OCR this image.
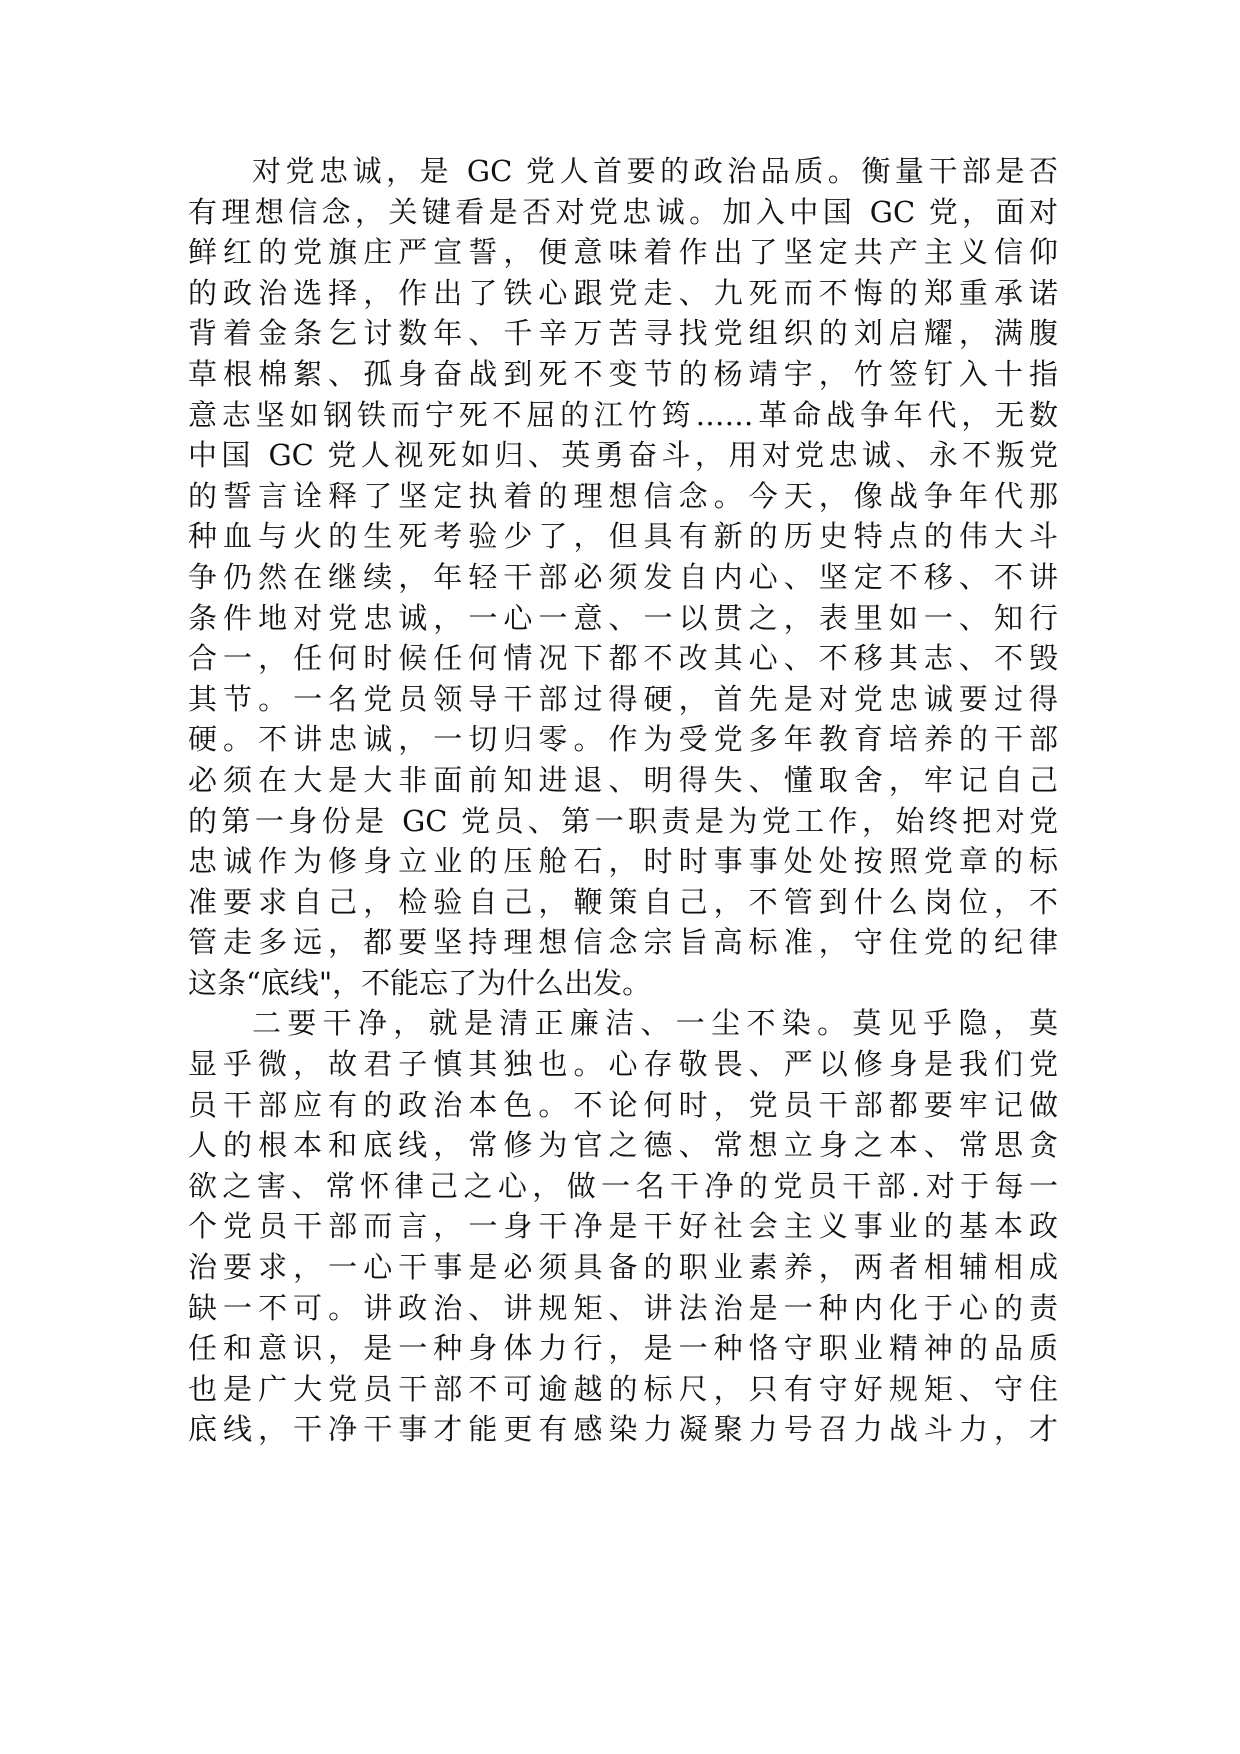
对党忠诚，是 GC 党人首要的政治品质。衡量干部是否
有理想信念，关键看是否对党忠诚。加入中国 GC 党，面对
鲜红的党旗庄严宣誓，便意味着作出了坚定共产主义信仰
的政治选择，作出了铁心跟党走、九死而不悔的郑重承诺
背着金条乞讨数年、千辛万苦寻找党组织的刘启耀，满腹
草根棉絮、孤身奋战到死不变节的杨靖宇，竹签钉入十指
意志坚如钢铁而宁死不屈的江竹筠……革命战争年代，无数
中国 GC 党人视死如归、英勇奋斗，用对党忠诚、永不叛党
的誓言诠释了坚定执着的理想信念。今天，像战争年代那
种血与火的生死考验少了，但具有新的历史特点的伟大斗
争仍然在继续，年轻干部必须发自内心、坚定不移、不讲
条件地对党忠诚，一心一意、一以贯之，表里如一、知行
合一，任何时候任何情况下都不改其心、不移其志、不毁
其节。一名党员领导干部过得硬，首先是对党忠诚要过得
硬。不讲忠诚，一切归零。作为受党多年教育培养的干部
必须在大是大非面前知进退、明得失、懂取舍，牢记自己
的第一身份是 GC 党员、第一职责是为党工作，始终把对党
忠诚作为修身立业的压舱石，时时事事处处按照党章的标
准要求自己，检验自己，鞭策自己，不管到什么岗位，不
管走多远，都要坚持理想信念宗旨高标准，守住党的纪律
这条“底线"，不能忘了为什么出发。
二要干净，就是清正廉洁、一尘不染。莫见乎隐，莫
显乎微，故君子慎其独也。心存敬畏、严以修身是我们党
员干部应有的政治本色。不论何时，党员干部都要牢记做
人的根本和底线，常修为官之德、常想立身之本、常思贪
欲之害、常怀律己之心，做一名干净的党员干部.对于每一
个党员干部而言，一身干净是干好社会主义事业的基本政
治要求，一心干事是必须具备的职业素养，两者相辅相成
缺一不可。讲政治、讲规矩、讲法治是一种内化于心的责
任和意识，是一种身体力行，是一种恪守职业精神的品质
也是广大党员干部不可逾越的标尺，只有守好规矩、守住
底线，干净干事才能更有感染力凝聚力号召力战斗力，才
